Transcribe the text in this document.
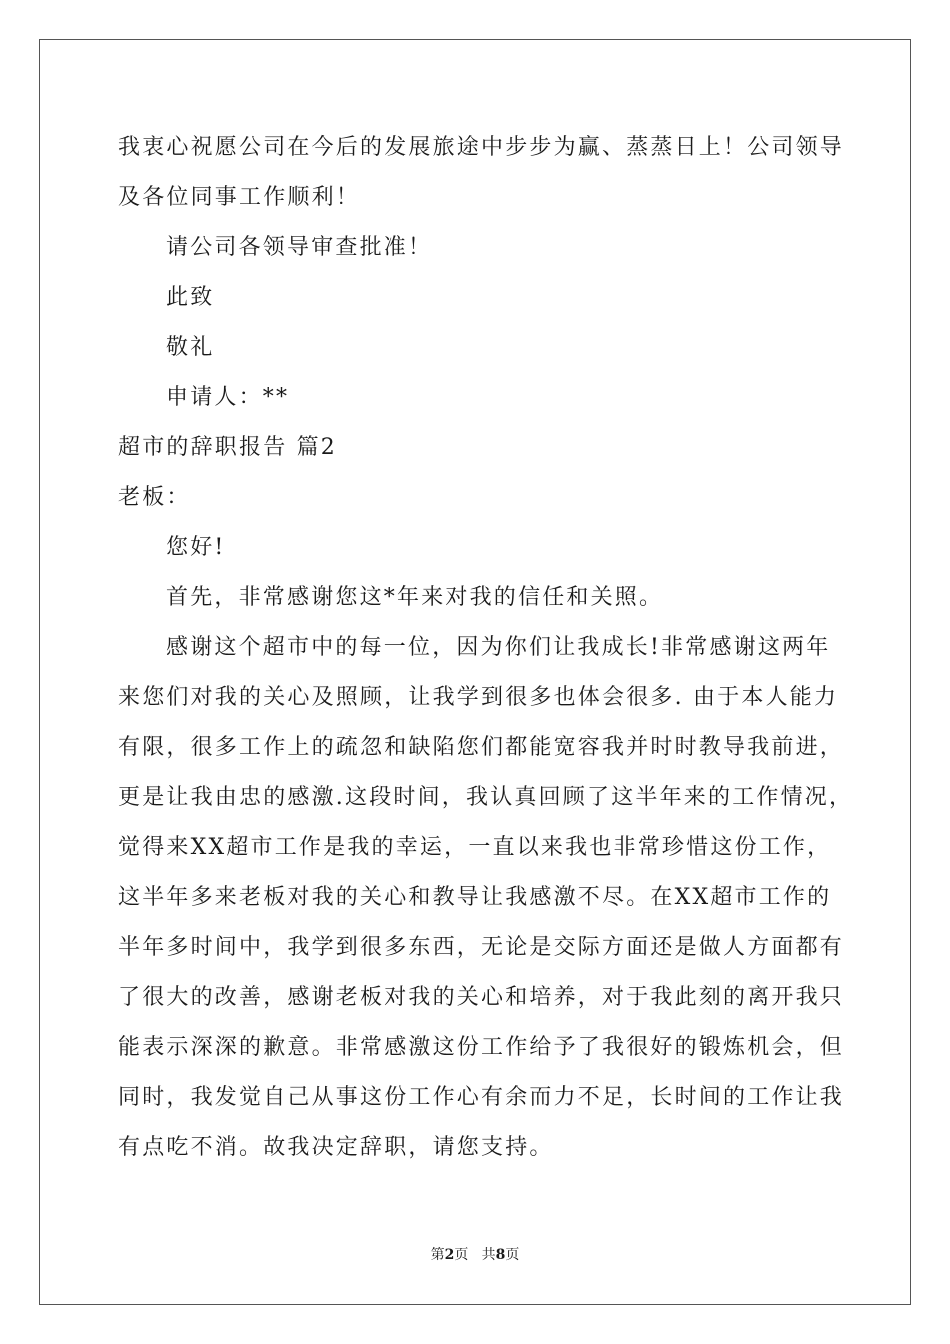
我衷心祝愿公司在今后的发展旅途中步步为赢、蒸蒸日上！公司领导
及各位同事工作顺利！
请公司各领导审查批准！
此致
敬礼
申请人：**
超市的辞职报告 篇2
老板：
您好!
首先，非常感谢您这*年来对我的信任和关照。
感谢这个超市中的每一位，因为你们让我成长!非常感谢这两年
来您们对我的关心及照顾，让我学到很多也体会很多. 由于本人能力
有限，很多工作上的疏忽和缺陷您们都能宽容我并时时教导我前进，
更是让我由忠的感激.这段时间，我认真回顾了这半年来的工作情况，
觉得来XX超市工作是我的幸运，一直以来我也非常珍惜这份工作，
这半年多来老板对我的关心和教导让我感激不尽。在XX超市工作的
半年多时间中，我学到很多东西，无论是交际方面还是做人方面都有
了很大的改善，感谢老板对我的关心和培养，对于我此刻的离开我只
能表示深深的歉意。非常感激这份工作给予了我很好的锻炼机会，但
同时，我发觉自己从事这份工作心有余而力不足，长时间的工作让我
有点吃不消。故我决定辞职，请您支持。
第2页 共8页
